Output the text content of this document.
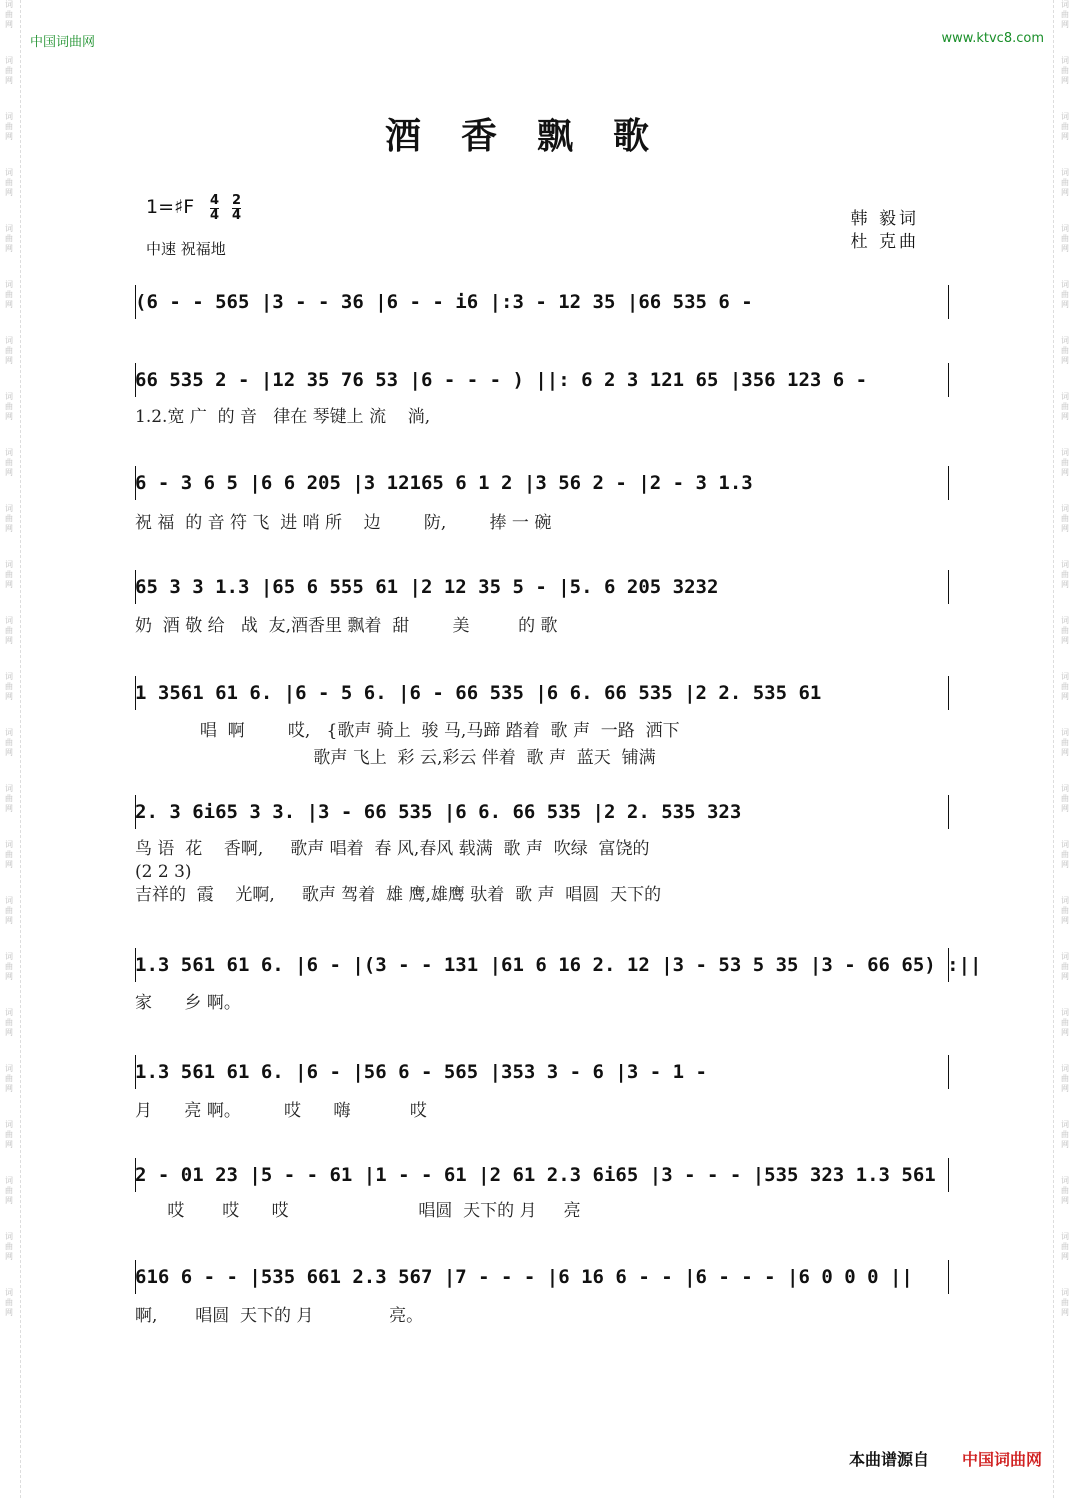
词
曲
网
词
曲
网
词
曲
网
词
曲
网
词
曲
网
词
曲
网
词
曲
网
词
曲
网
词
曲
网
词
曲
网
词
曲
网
词
曲
网
词
曲
网
词
曲
网
词
曲
网
词
曲
网
词
曲
网
词
曲
网
词
曲
网
词
曲
网
词
曲
网
词
曲
网
词
曲
网
词
曲
网
词
曲
网
词
曲
网
词
曲
网
词
曲
网
词
曲
网
词
曲
网
词
曲
网
词
曲
网
词
曲
网
词
曲
网
词
曲
网
词
曲
网
词
曲
网
词
曲
网
词
曲
网
词
曲
网
词
曲
网
词
曲
网
词
曲
网
词
曲
网
词
曲
网
词
曲
网
词
曲
网
词
曲
网
中国词曲网	www.ktvc8.com
酒香飘歌
1=♯F 4
4
2
4
中速 祝福地
韩 毅词
杜 克曲
(6 - - 565 |3 - - 36 |6 - - i6 |:3 - 12 35 |66 535 6 -
66 535 2 - |12 35 76 53 |6 - - - ) ||: 6 2 3 121 65 |356 123 6 -
1.2.宽 广  的 音   律在 琴键上 流    淌,
6 - 3 6 5 |6 6 205 |3 12165 6 1 2 |3 56 2 - |2 - 3 1.3
祝 福  的 音 符 飞  进 哨 所    边        防,        捧 一 碗
65 3 3 1.3 |65 6 555 61 |2 12 35 5 - |5. 6 205 3232
奶  酒 敬 给   战  友,酒香里 飘着  甜        美         的 歌
1 3561 61 6. |6 - 5 6. |6 - 66 535 |6 6. 66 535 |2 2. 535 61
唱  啊        哎,   {歌声 骑上  骏 马,马蹄 踏着  歌 声  一路  洒下
歌声 飞上  彩 云,彩云 伴着  歌 声  蓝天  铺满
2. 3 6i65 3 3. |3 - 66 535 |6 6. 66 535 |2 2. 535 323
鸟 语  花    香啊,     歌声 唱着  春 风,春风 载满  歌 声  吹绿  富饶的
(2 2 3)
吉祥的  霞    光啊,     歌声 驾着  雄 鹰,雄鹰 驮着  歌 声  唱圆  天下的
1.3 561 61 6. |6 - |(3 - - 131 |61 6 16 2. 12 |3 - 53 5 35 |3 - 66 65) :||
家      乡 啊。
1.3 561 61 6. |6 - |56 6 - 565 |353 3 - 6 |3 - 1 -
月      亮 啊。        哎      嗨           哎
2 - 01 23 |5 - - 61 |1 - - 61 |2 61 2.3 6i65 |3 - - - |535 323 1.3 561
哎       哎      哎                        唱圆  天下的 月     亮
616 6 - - |535 661 2.3 567 |7 - - - |6 16 6 - - |6 - - - |6 0 0 0 ||
啊,       唱圆  天下的 月              亮。
本曲谱源自 中国词曲网
